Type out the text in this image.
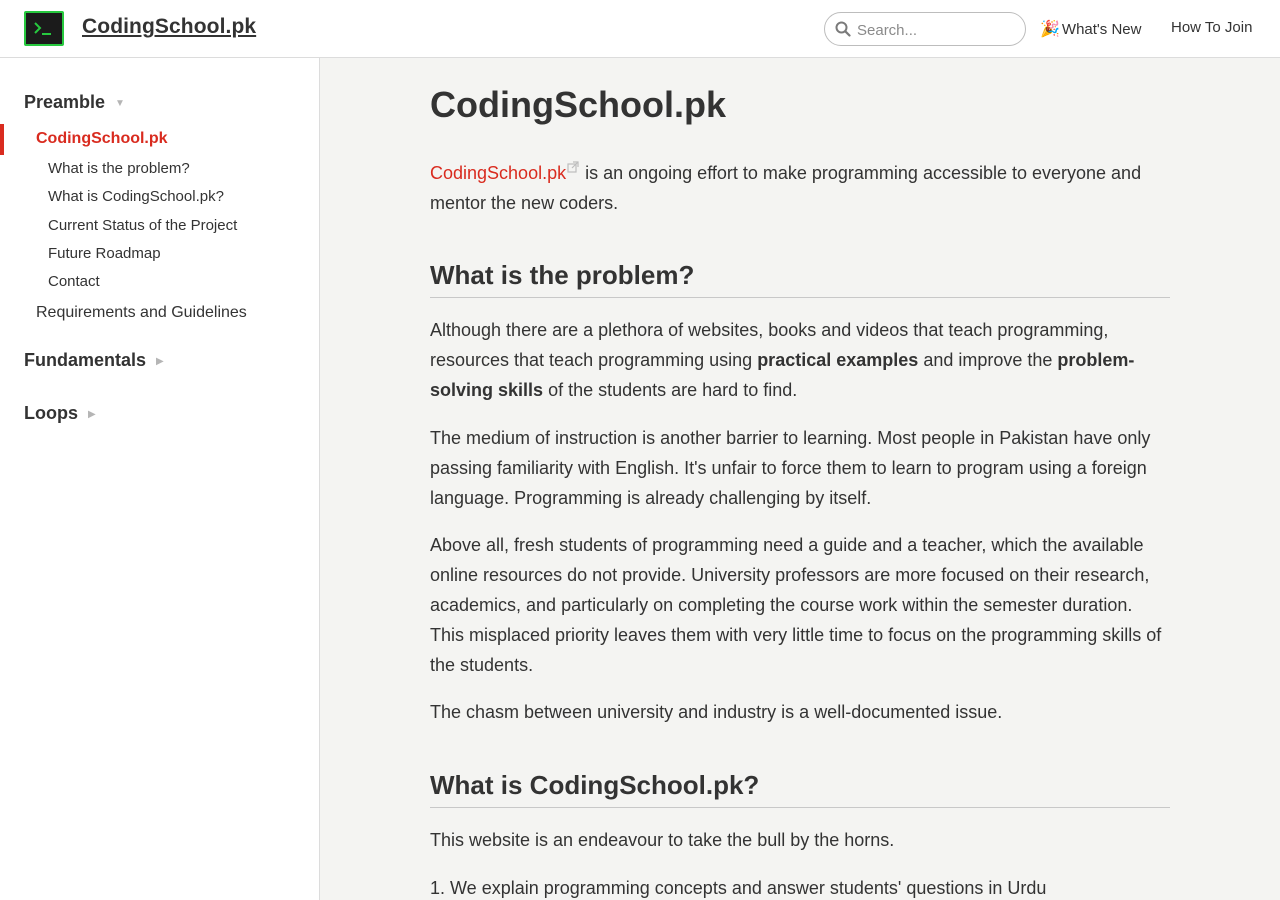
CodingSchool.pk
Search...	🎉 What's New How To Join
Preamble ▼
CodingSchool.pk
What is the problem?
What is CodingSchool.pk?
Current Status of the Project
Future Roadmap
Contact
Requirements and Guidelines
Fundamentals ▶
Loops ▶
CodingSchool.pk

CodingSchool.pk is an ongoing effort to make programming accessible to everyone and mentor the new coders.

What is the problem?

Although there are a plethora of websites, books and videos that teach programming, resources that teach programming using practical examples and improve the problem-solving skills of the students are hard to find.

The medium of instruction is another barrier to learning. Most people in Pakistan have only passing familiarity with English. It's unfair to force them to learn to program using a foreign language. Programming is already challenging by itself.

Above all, fresh students of programming need a guide and a teacher, which the available online resources do not provide. University professors are more focused on their research, academics, and particularly on completing the course work within the semester duration. This misplaced priority leaves them with very little time to focus on the programming skills of the students.

The chasm between university and industry is a well-documented issue.

What is CodingSchool.pk?

This website is an endeavour to take the bull by the horns.

1. We explain programming concepts and answer students' questions in Urdu
